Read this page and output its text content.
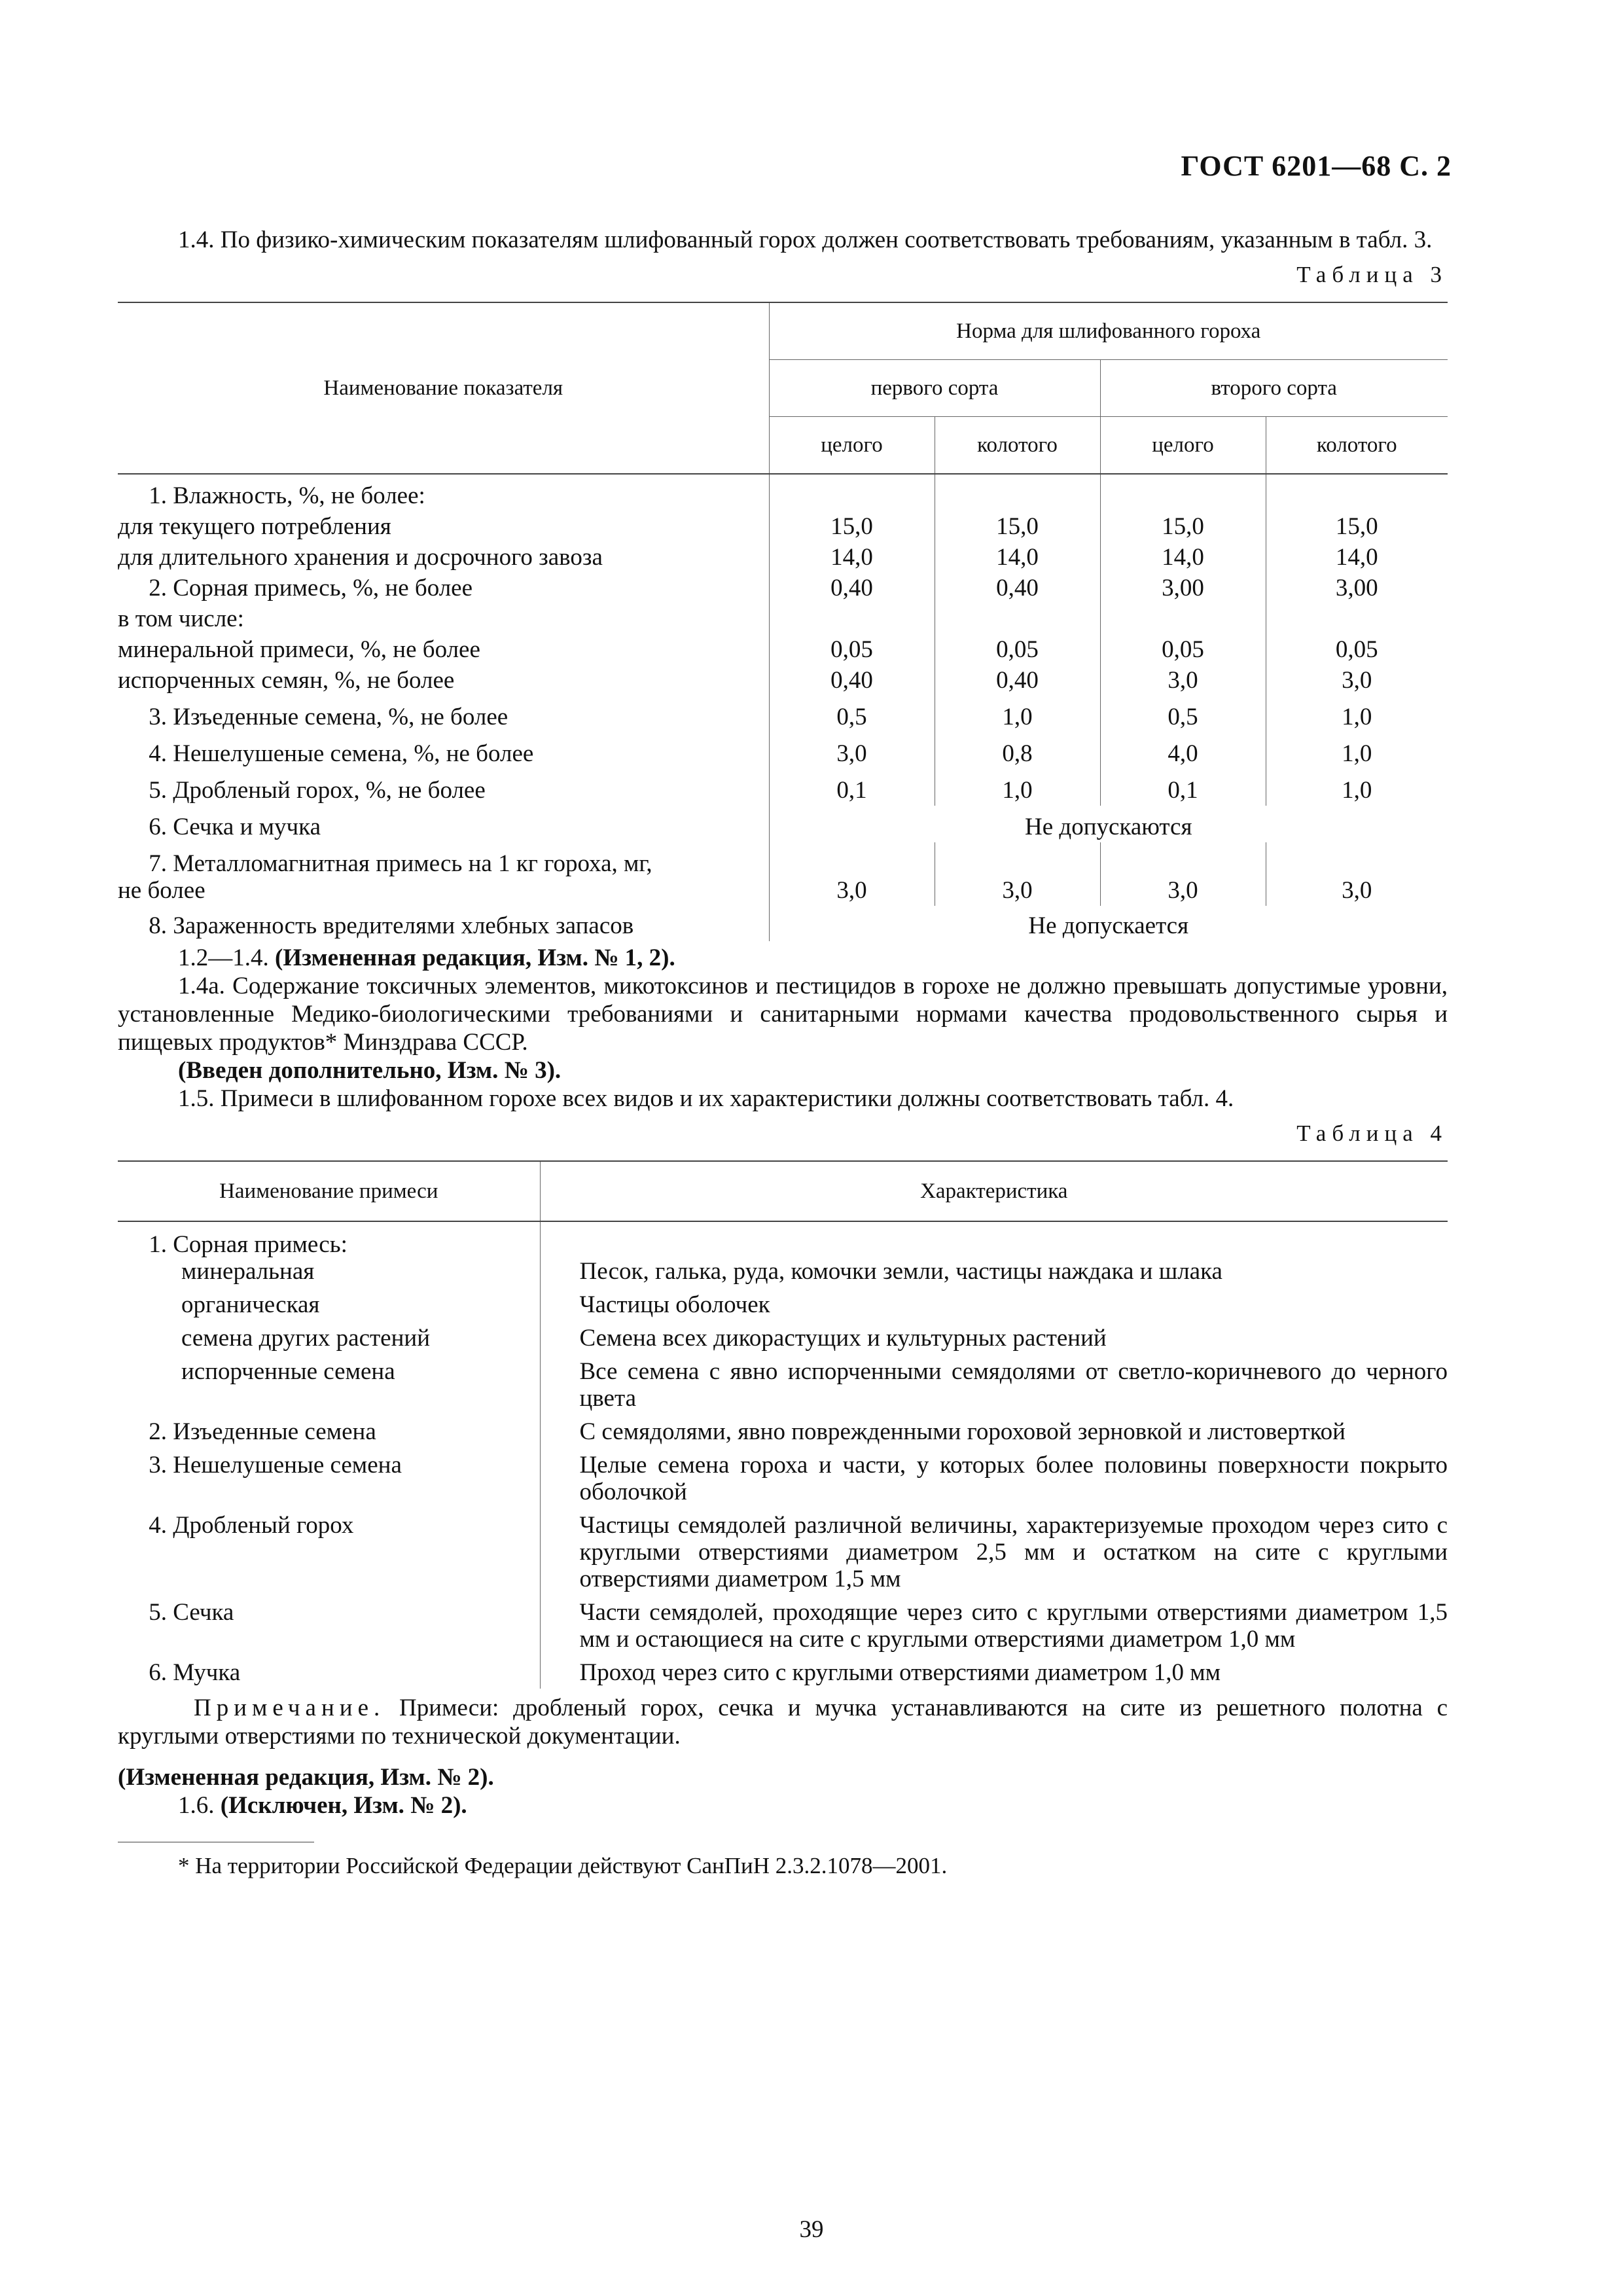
ГОСТ 6201—68 С. 2

1.4. По физико-химическим показателям шлифованный горох должен соответствовать требованиям, указанным в табл. 3.

Таблица 3

Наименование показателя	Норма для шлифованного гороха			
	первого сорта		второго сорта	
	целого	колотого	целого	колотого
1. Влажность, %, не более:				
для текущего потребления	15,0	15,0	15,0	15,0
для длительного хранения и досрочного завоза	14,0	14,0	14,0	14,0
2. Сорная примесь, %, не более	0,40	0,40	3,00	3,00
в том числе:				
минеральной примеси, %, не более	0,05	0,05	0,05	0,05
испорченных семян, %, не более	0,40	0,40	3,0	3,0
3. Изъеденные семена, %, не более	0,5	1,0	0,5	1,0
4. Нешелушеные семена, %, не более	3,0	0,8	4,0	1,0
5. Дробленый горох, %, не более	0,1	1,0	0,1	1,0
6. Сечка и мучка	Не допускаются			
7. Металломагнитная примесь на 1 кг гороха, мг,
не более	3,0	3,0	3,0	3,0
8. Зараженность вредителями хлебных запасов	Не допускается			

1.2—1.4. (Измененная редакция, Изм. № 1, 2).

1.4а. Содержание токсичных элементов, микотоксинов и пестицидов в горохе не должно превышать допустимые уровни, установленные Медико-биологическими требованиями и санитарными нормами качества продовольственного сырья и пищевых продуктов* Минздрава СССР.

(Введен дополнительно, Изм. № 3).

1.5. Примеси в шлифованном горохе всех видов и их характеристики должны соответствовать табл. 4.

Таблица 4

Наименование примеси	Характеристика
1. Сорная примесь:
минеральная	Песок, галька, руда, комочки земли, частицы наждака и шлака
органическая	Частицы оболочек
семена других растений	Семена всех дикорастущих и культурных растений
испорченные семена	Все семена с явно испорченными семядолями от светло-коричневого до черного цвета
2. Изъеденные семена	С семядолями, явно поврежденными гороховой зерновкой и листоверткой
3. Нешелушеные семена	Целые семена гороха и части, у которых более половины поверхности покрыто оболочкой
4. Дробленый горох	Частицы семядолей различной величины, характеризуемые проходом через сито с круглыми отверстиями диаметром 2,5 мм и остатком на сите с круглыми отверстиями диаметром 1,5 мм
5. Сечка	Части семядолей, проходящие через сито с круглыми отверстиями диаметром 1,5 мм и остающиеся на сите с круглыми отверстиями диаметром 1,0 мм
6. Мучка	Проход через сито с круглыми отверстиями диаметром 1,0 мм

Примечание. Примеси: дробленый горох, сечка и мучка устанавливаются на сите из решетного полотна с круглыми отверстиями по технической документации.

(Измененная редакция, Изм. № 2).

1.6. (Исключен, Изм. № 2).

* На территории Российской Федерации действуют СанПиН 2.3.2.1078—2001.

39
